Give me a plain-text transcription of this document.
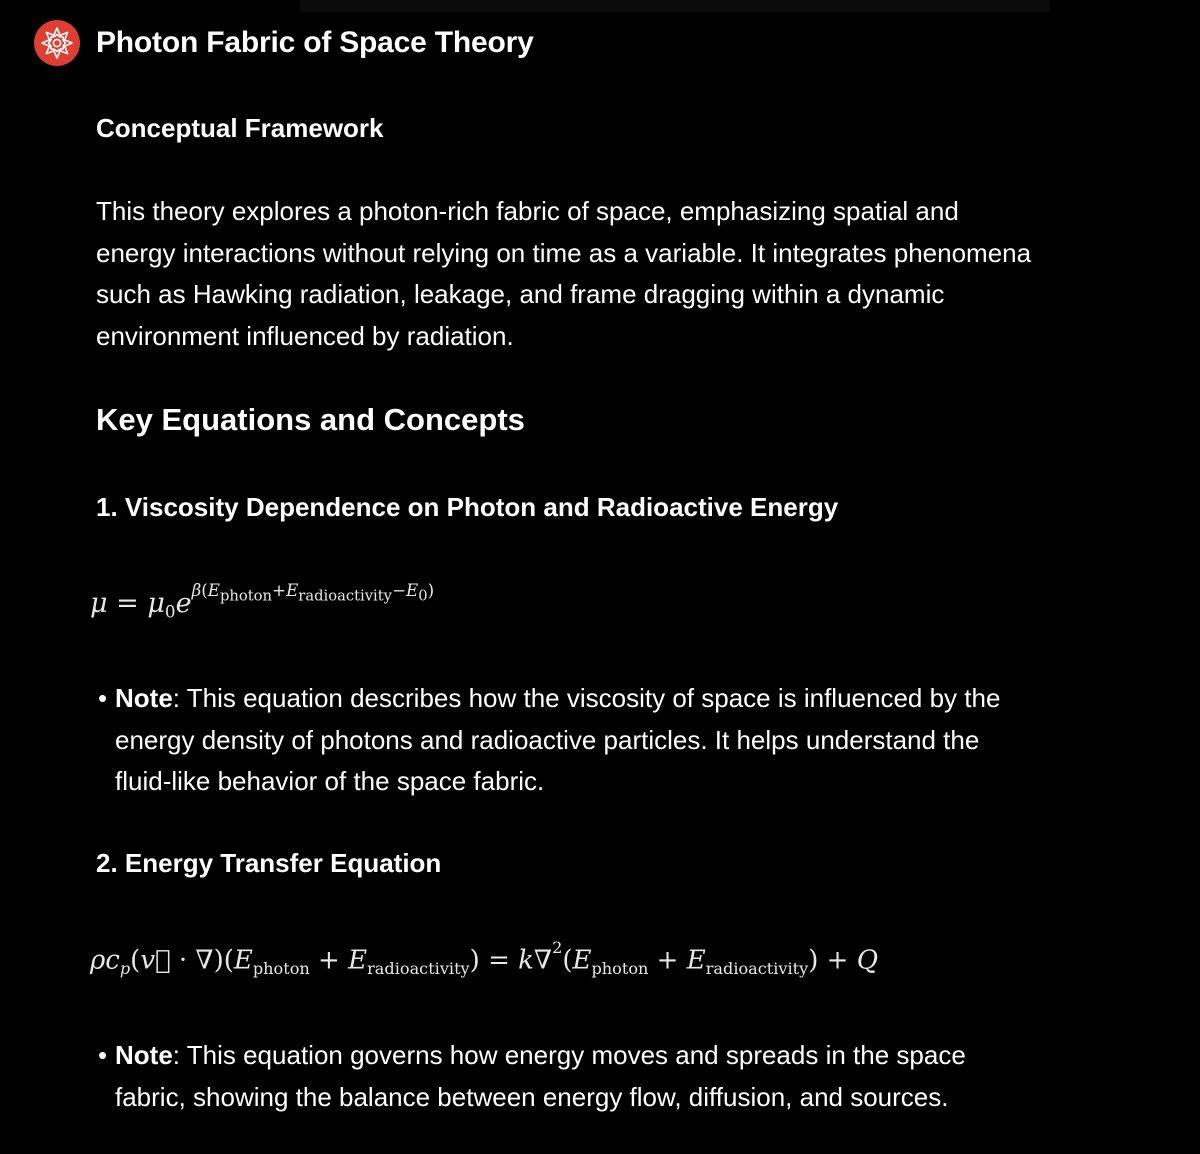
Photon Fabric of Space Theory
Conceptual Framework
This theory explores a photon-rich fabric of space, emphasizing spatial and energy interactions without relying on time as a variable. It integrates phenomena such as Hawking radiation, leakage, and frame dragging within a dynamic environment influenced by radiation.
Key Equations and Concepts
1. Viscosity Dependence on Photon and Radioactive Energy
$\mu = \mu_0e^{\beta(E_{photon}+E_{radioactivity}-E_0)}$
• Note: This equation describes how the viscosity of space is influenced by the energy density of photons and radioactive particles. It helps understand the fluid-like behavior of the space fabric.
2. Energy Transfer Equation
$\rho c_p(v⃗ \cdot \nabla)(E_{photon} + E_{radioactivity}) = k\nabla^2(E_{photon} + E_{radioactivity}) + Q$
• Note: This equation governs how energy moves and spreads in the space fabric, showing the balance between energy flow, diffusion, and sources.
